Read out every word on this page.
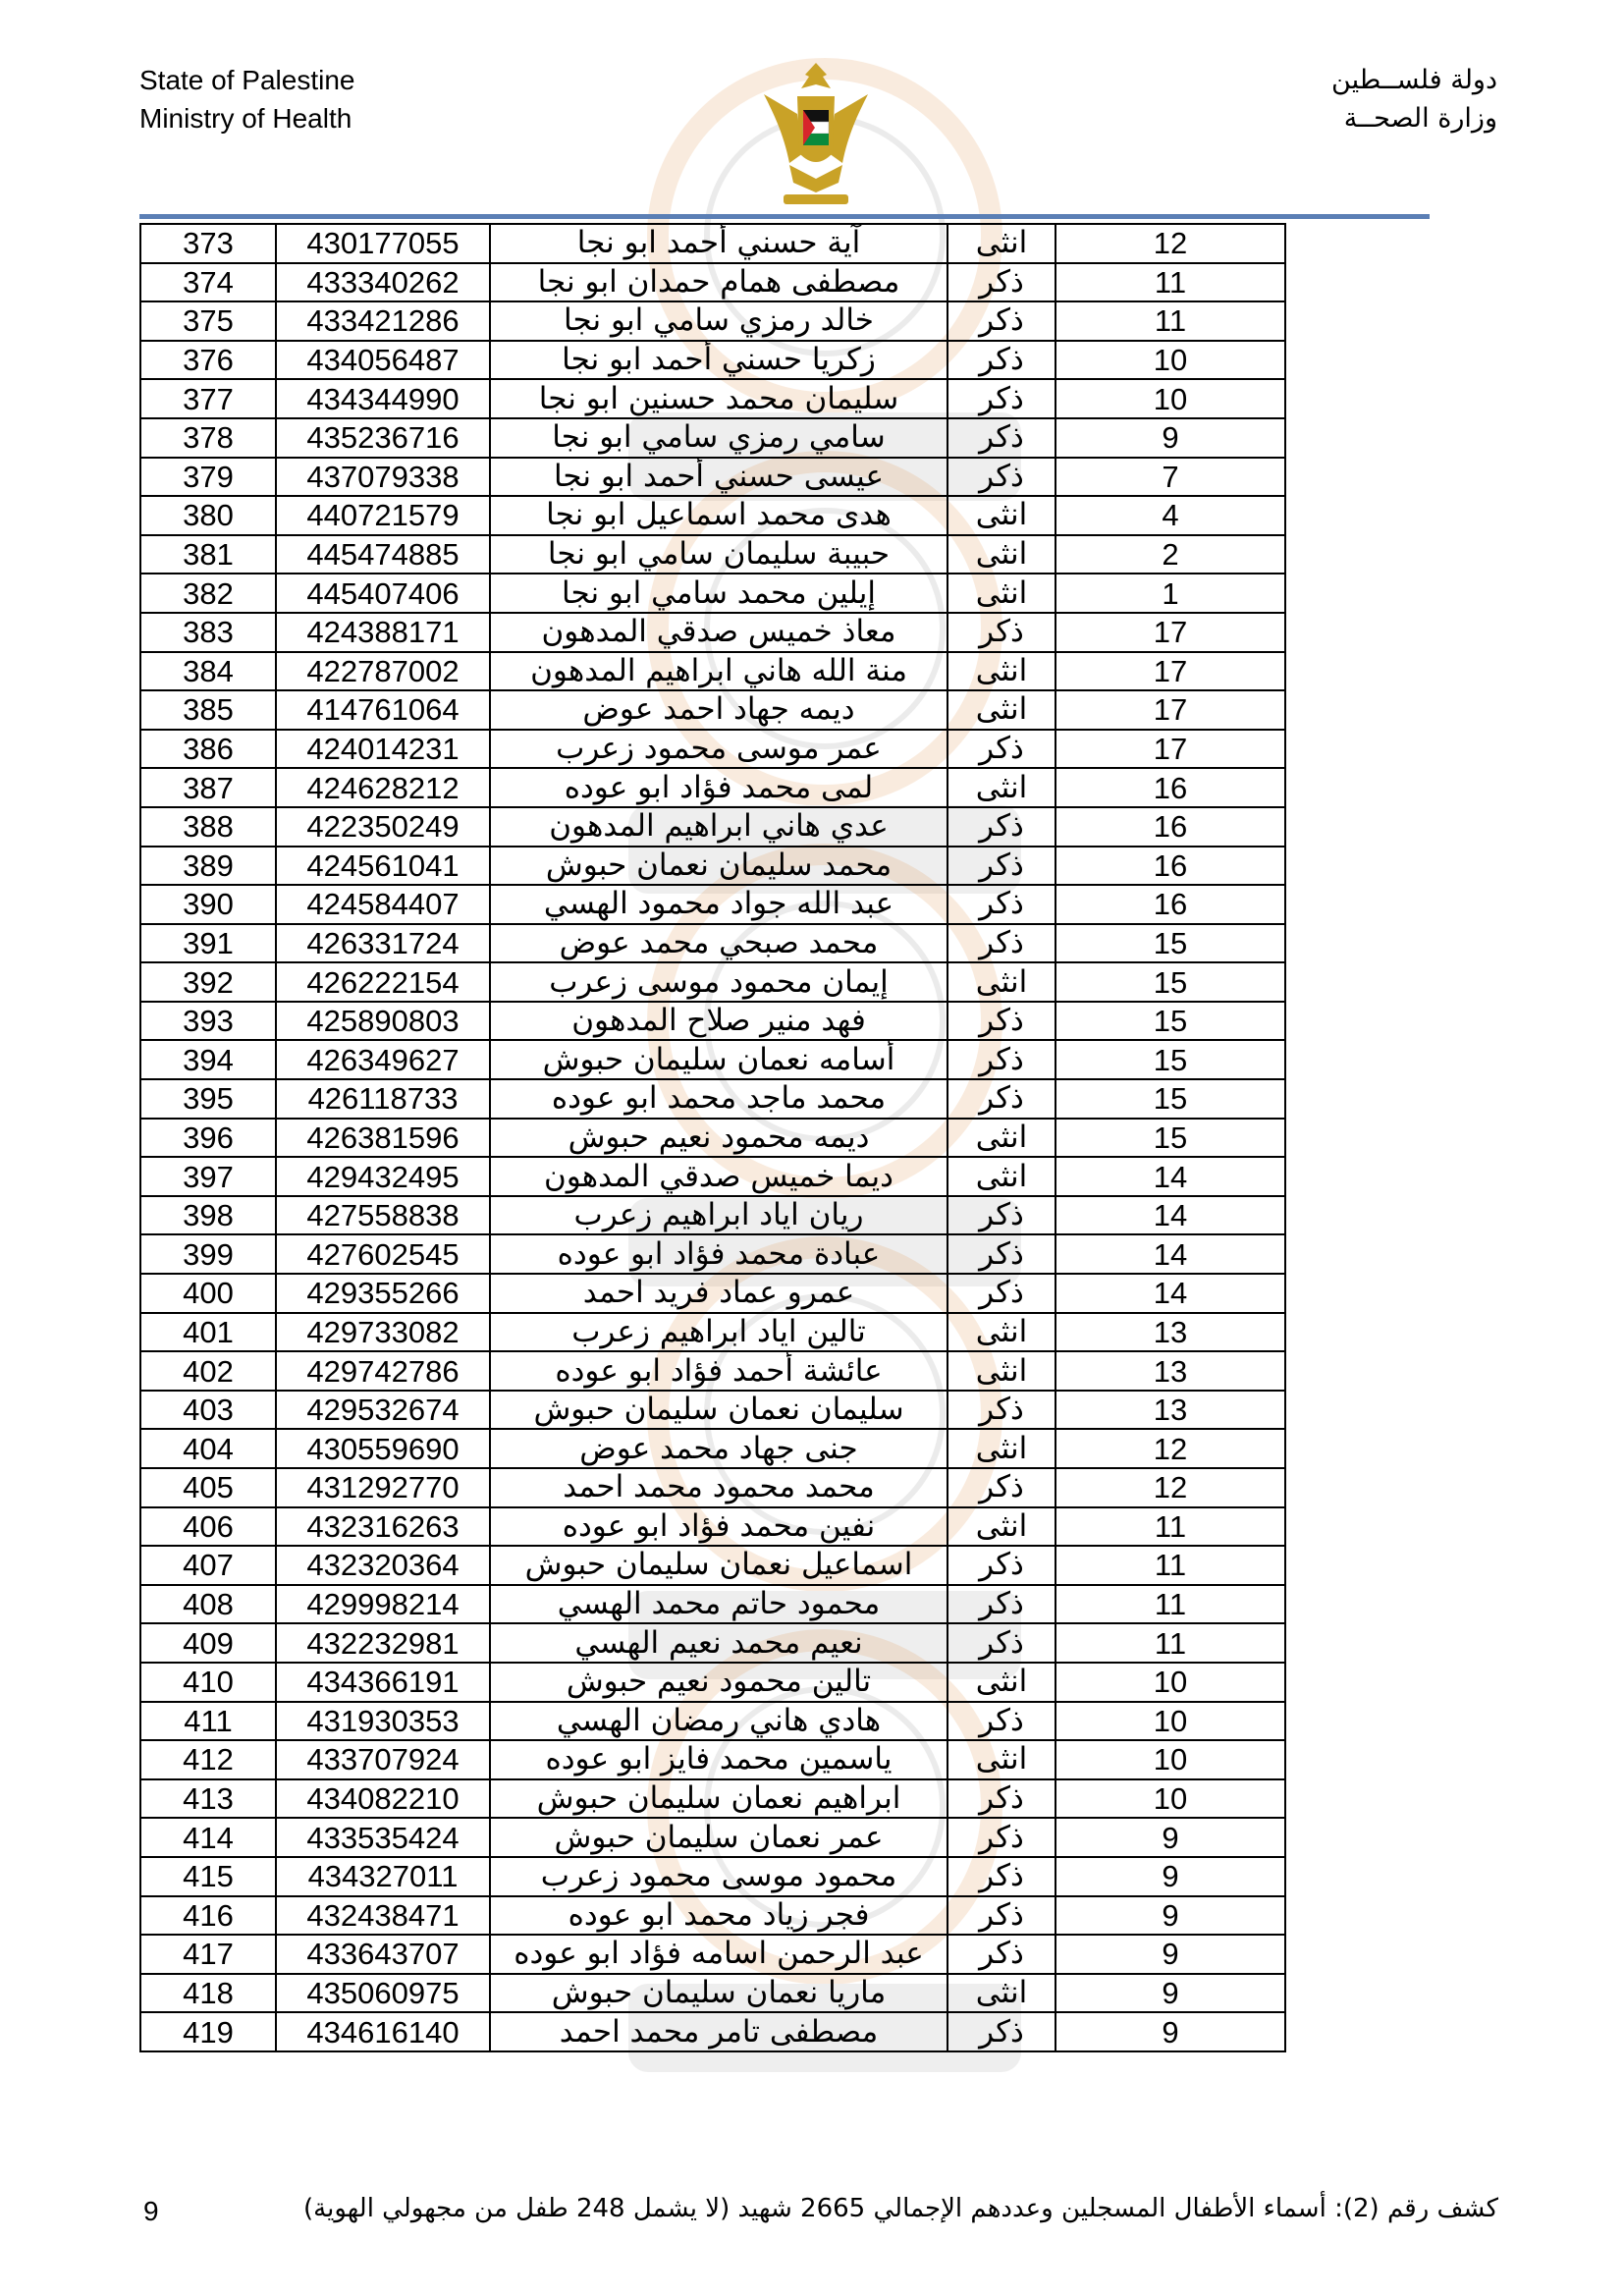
State of Palestine
Ministry of Health
دولة فلســطين
وزارة الصحــة
373	430177055	آية حسني أحمد ابو نجا	انثى	12
374	433340262	مصطفى همام حمدان ابو نجا	ذكر	11
375	433421286	خالد رمزي سامي ابو نجا	ذكر	11
376	434056487	زكريا حسني أحمد ابو نجا	ذكر	10
377	434344990	سليمان محمد حسنين ابو نجا	ذكر	10
378	435236716	سامي رمزي سامي ابو نجا	ذكر	9
379	437079338	عيسى حسني أحمد ابو نجا	ذكر	7
380	440721579	هدى محمد اسماعيل ابو نجا	انثى	4
381	445474885	حبيبة سليمان سامي ابو نجا	انثى	2
382	445407406	إيلين محمد سامي ابو نجا	انثى	1
383	424388171	معاذ خميس صدقي المدهون	ذكر	17
384	422787002	منة الله هاني ابراهيم المدهون	انثى	17
385	414761064	ديمه جهاد احمد عوض	انثى	17
386	424014231	عمر موسى محمود زعرب	ذكر	17
387	424628212	لمى محمد فؤاد ابو عوده	انثى	16
388	422350249	عدي هاني ابراهيم المدهون	ذكر	16
389	424561041	محمد سليمان نعمان حبوش	ذكر	16
390	424584407	عبد الله جواد محمود الهسي	ذكر	16
391	426331724	محمد صبحي محمد عوض	ذكر	15
392	426222154	إيمان محمود موسى زعرب	انثى	15
393	425890803	فهد منير صلاح المدهون	ذكر	15
394	426349627	أسامه نعمان سليمان حبوش	ذكر	15
395	426118733	محمد ماجد محمد ابو عوده	ذكر	15
396	426381596	ديمه محمود نعيم حبوش	انثى	15
397	429432495	ديما خميس صدقي المدهون	انثى	14
398	427558838	ريان اياد ابراهيم زعرب	ذكر	14
399	427602545	عبادة محمد فؤاد ابو عوده	ذكر	14
400	429355266	عمرو عماد فريد احمد	ذكر	14
401	429733082	تالين اياد ابراهيم زعرب	انثى	13
402	429742786	عائشة أحمد فؤاد ابو عوده	انثى	13
403	429532674	سليمان نعمان سليمان حبوش	ذكر	13
404	430559690	جنى جهاد محمد عوض	انثى	12
405	431292770	محمد محمود محمد احمد	ذكر	12
406	432316263	نفين محمد فؤاد ابو عوده	انثى	11
407	432320364	اسماعيل نعمان سليمان حبوش	ذكر	11
408	429998214	محمود حاتم محمد الهسي	ذكر	11
409	432232981	نعيم محمد نعيم الهسي	ذكر	11
410	434366191	تالين محمود نعيم حبوش	انثى	10
411	431930353	هادي هاني رمضان الهسي	ذكر	10
412	433707924	ياسمين محمد فايز ابو عوده	انثى	10
413	434082210	ابراهيم نعمان سليمان حبوش	ذكر	10
414	433535424	عمر نعمان سليمان حبوش	ذكر	9
415	434327011	محمود موسى محمود زعرب	ذكر	9
416	432438471	فجر زياد محمد ابو عوده	ذكر	9
417	433643707	عبد الرحمن اسامه فؤاد ابو عوده	ذكر	9
418	435060975	ماريا نعمان سليمان حبوش	انثى	9
419	434616140	مصطفى تامر محمد احمد	ذكر	9
9	كشف رقم (2): أسماء الأطفال المسجلين وعددهم الإجمالي 2665 شهيد (لا يشمل 248 طفل من مجهولي الهوية)
